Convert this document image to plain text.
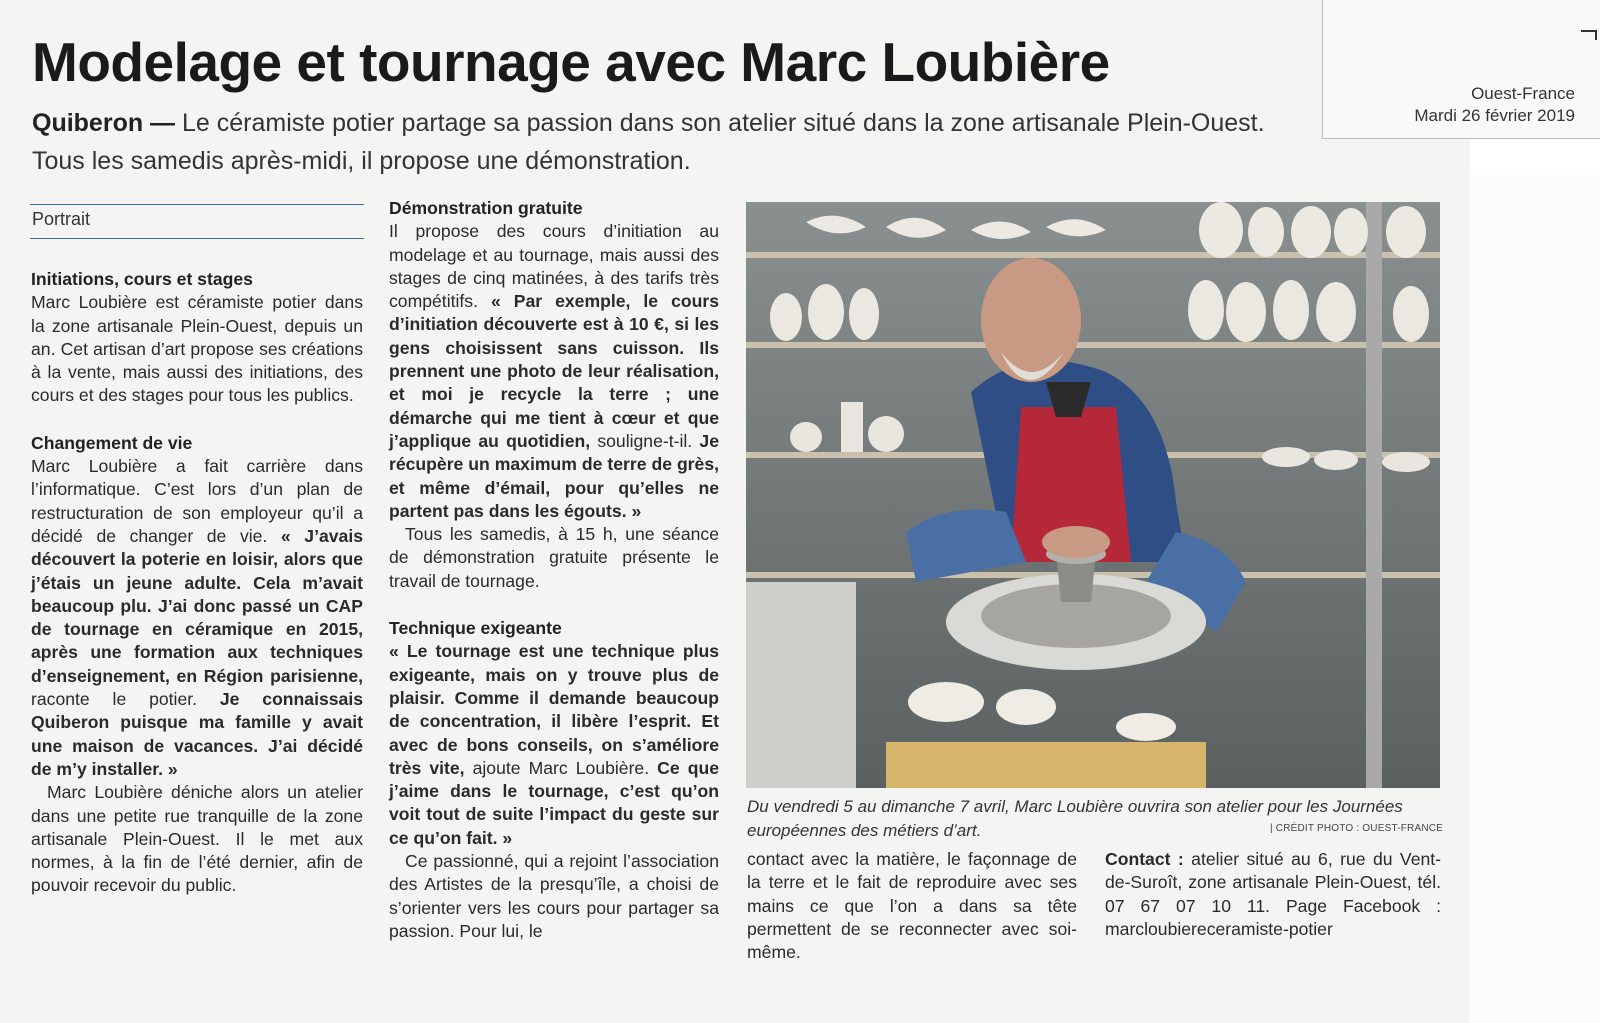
Ouest-France
Mardi 26 février 2019
Modelage et tournage avec Marc Loubière

Quiberon — Le céramiste potier partage sa passion dans son atelier situé dans la zone artisanale Plein-Ouest. Tous les samedis après-midi, il propose une démonstration.

Portrait

Initiations, cours et stages

Marc Loubière est céramiste potier dans la zone artisanale Plein-Ouest, depuis un an. Cet artisan d’art propose ses créations à la vente, mais aussi des initiations, des cours et des stages pour tous les publics.

Changement de vie

Marc Loubière a fait carrière dans l’informatique. C’est lors d’un plan de restructuration de son employeur qu’il a décidé de changer de vie. « J’avais découvert la poterie en loisir, alors que j’étais un jeune adulte. Cela m’avait beaucoup plu. J’ai donc passé un CAP de tournage en céramique en 2015, après une formation aux techniques d’enseignement, en Région parisienne, raconte le potier. Je connaissais Quiberon puisque ma famille y avait une maison de vacances. J’ai décidé de m’y installer. »

Marc Loubière déniche alors un atelier dans une petite rue tranquille de la zone artisanale Plein-Ouest. Il le met aux normes, à la fin de l’été dernier, afin de pouvoir recevoir du public.

Démonstration gratuite

Il propose des cours d’initiation au modelage et au tournage, mais aussi des stages de cinq matinées, à des tarifs très compétitifs. « Par exemple, le cours d’initiation découverte est à 10 €, si les gens choisissent sans cuisson. Ils prennent une photo de leur réalisation, et moi je recycle la terre ; une démarche qui me tient à cœur et que j’applique au quotidien, souligne-t-il. Je récupère un maximum de terre de grès, et même d’émail, pour qu’elles ne partent pas dans les égouts. »

Tous les samedis, à 15 h, une séance de démonstration gratuite présente le travail de tournage.

Technique exigeante

« Le tournage est une technique plus exigeante, mais on y trouve plus de plaisir. Comme il demande beaucoup de concentration, il libère l’esprit. Et avec de bons conseils, on s’améliore très vite, ajoute Marc Loubière. Ce que j’aime dans le tournage, c’est qu’on voit tout de suite l’impact du geste sur ce qu’on fait. »

Ce passionné, qui a rejoint l’association des Artistes de la presqu’île, a choisi de s’orienter vers les cours pour partager sa passion. Pour lui, le

Du vendredi 5 au dimanche 7 avril, Marc Loubière ouvrira son atelier pour les Journées européennes des métiers d’art.	| CRÉDIT PHOTO : OUEST-FRANCE

contact avec la matière, le façonnage de la terre et le fait de reproduire avec ses mains ce que l’on a dans sa tête permettent de se reconnecter avec soi-même.

Contact : atelier situé au 6, rue du Vent-de-Suroît, zone artisanale Plein-Ouest, tél. 07 67 07 10 11. Page Facebook : marcloubiereceramiste-potier
